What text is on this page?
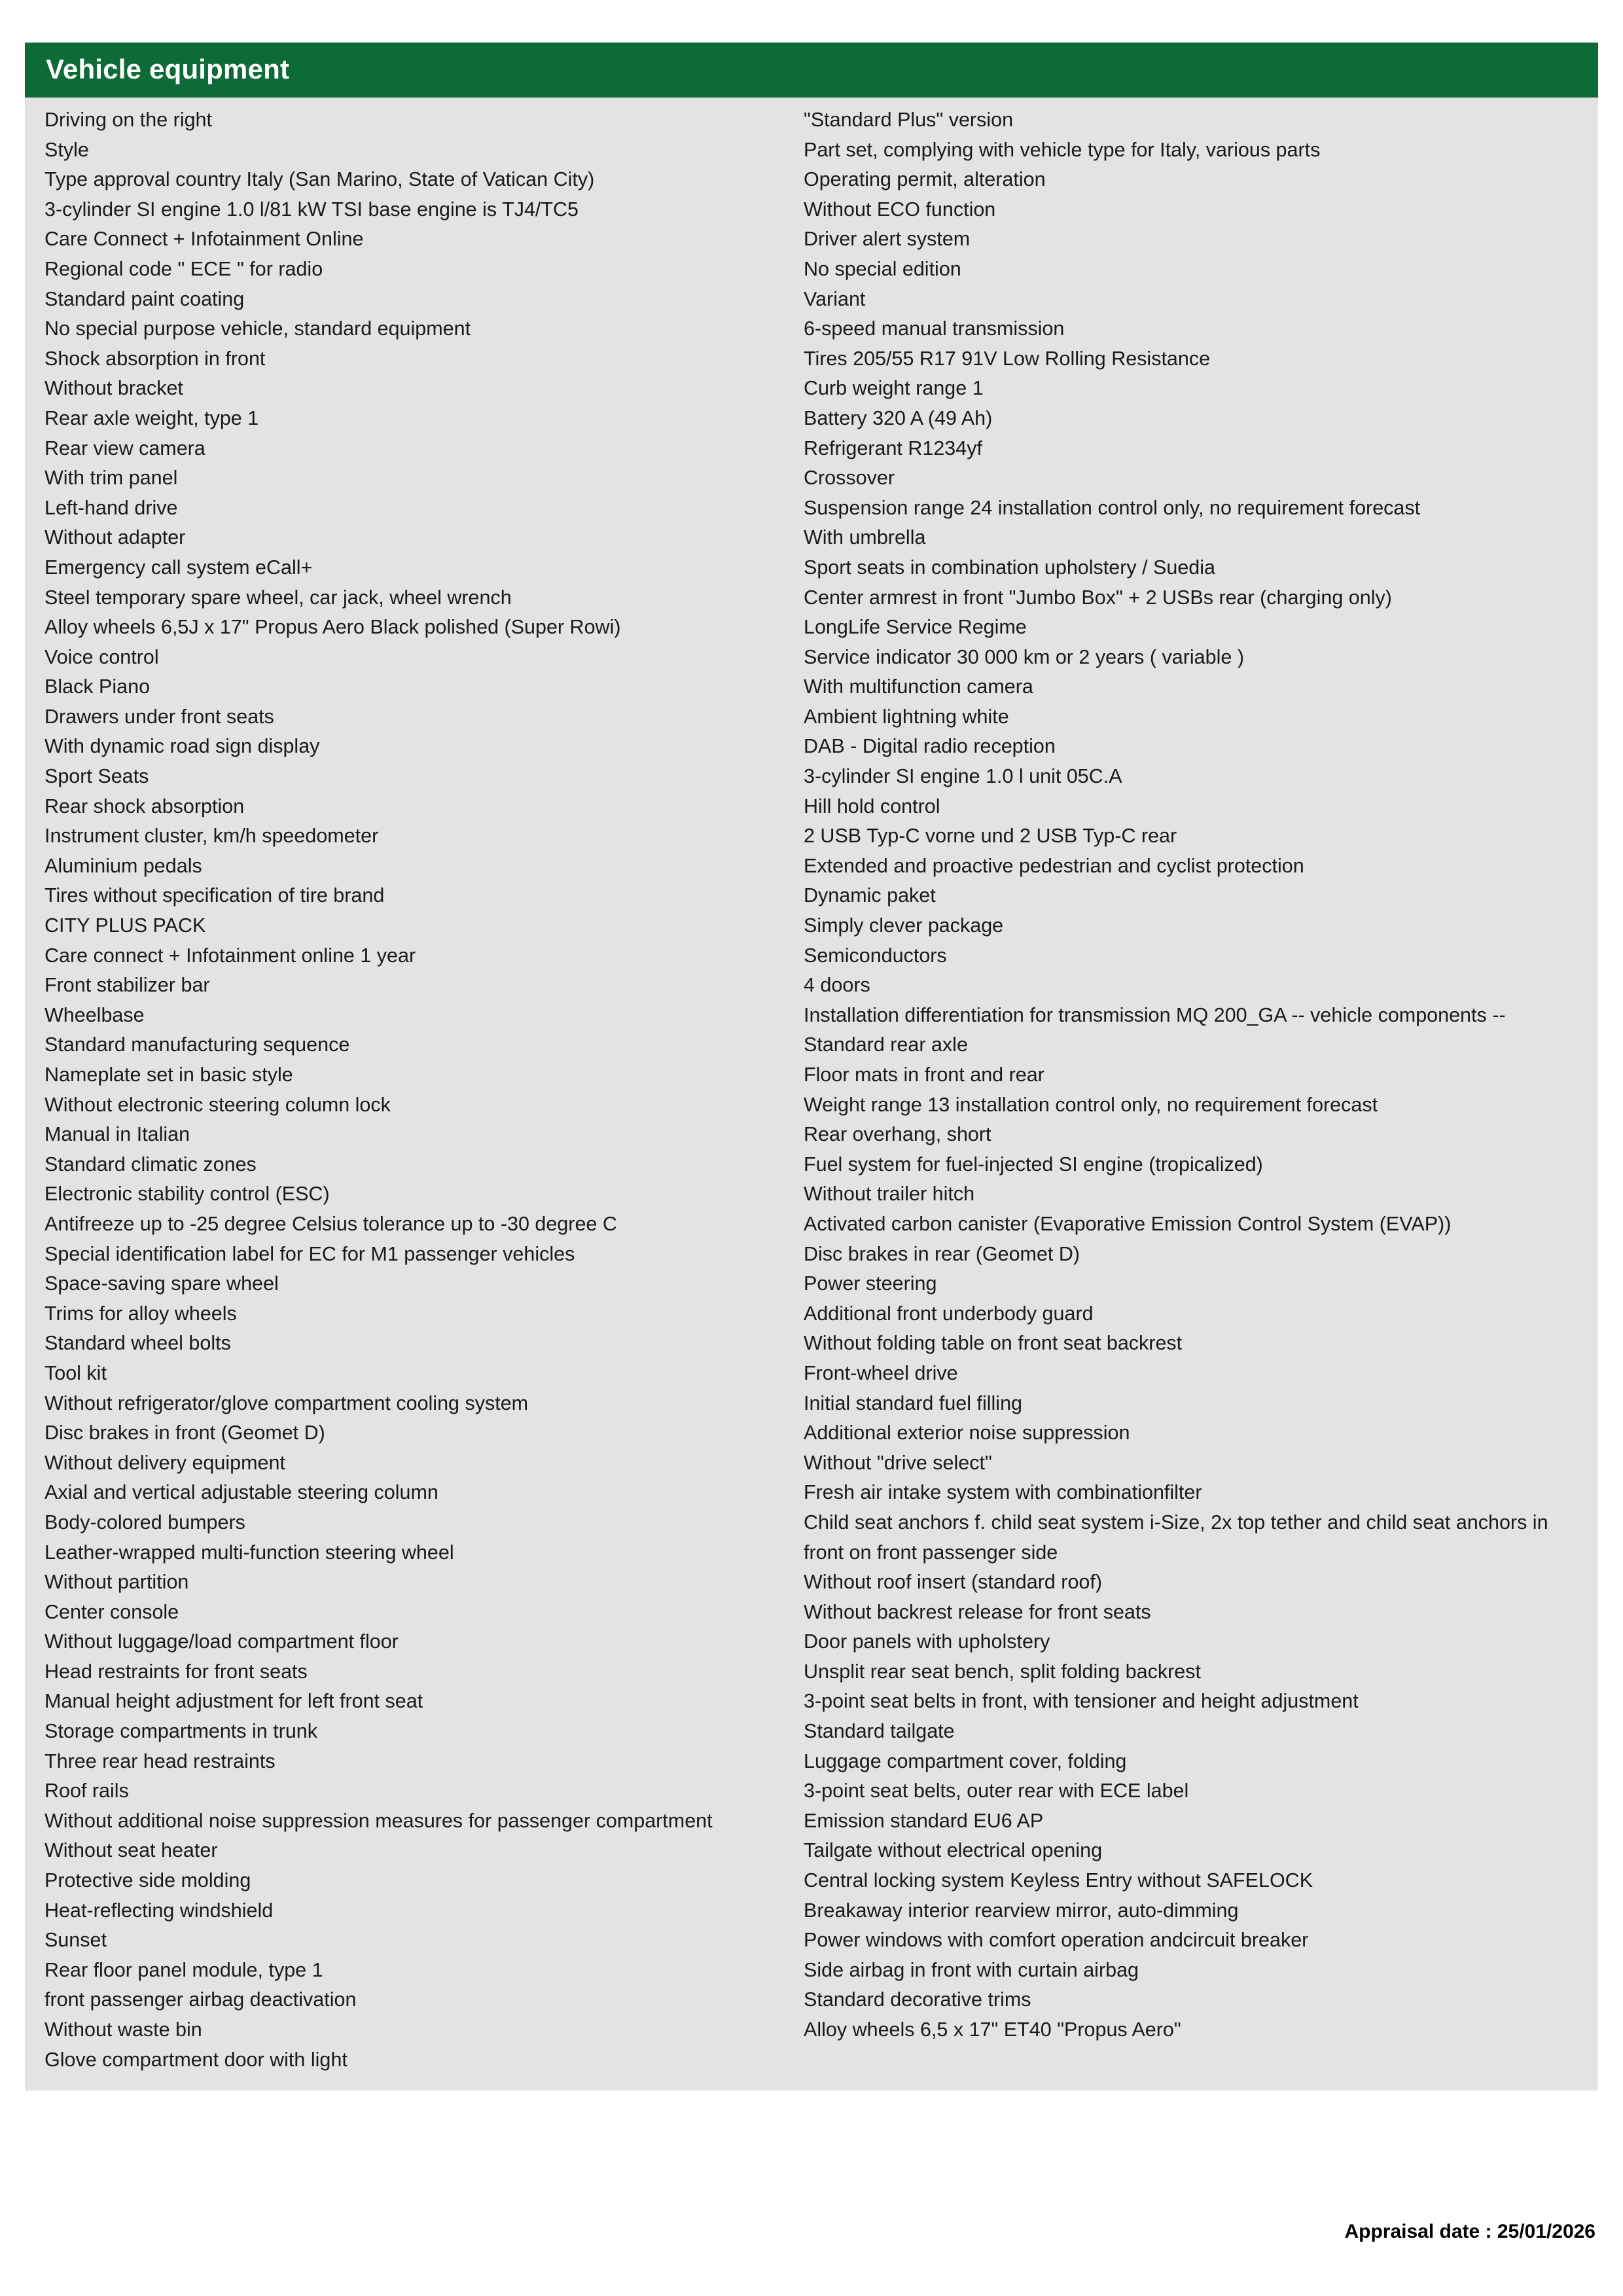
Vehicle equipment
Driving on the right
Style
Type approval country Italy (San Marino, State of Vatican City)
3-cylinder SI engine 1.0 l/81 kW TSI base engine is TJ4/TC5
Care Connect + Infotainment Online
Regional code " ECE " for radio
Standard paint coating
No special purpose vehicle, standard equipment
Shock absorption in front
Without bracket
Rear axle weight, type 1
Rear view camera
With trim panel
Left-hand drive
Without adapter
Emergency call system eCall+
Steel temporary spare wheel, car jack, wheel wrench
Alloy wheels 6,5J x 17" Propus Aero Black polished (Super Rowi)
Voice control
Black Piano
Drawers under front seats
With dynamic road sign display
Sport Seats
Rear shock absorption
Instrument cluster, km/h speedometer
Aluminium pedals
Tires without specification of tire brand
CITY PLUS PACK
Care connect + Infotainment online 1 year
Front stabilizer bar
Wheelbase
Standard manufacturing sequence
Nameplate set in basic style
Without electronic steering column lock
Manual in Italian
Standard climatic zones
Electronic stability control (ESC)
Antifreeze up to -25 degree Celsius tolerance up to -30 degree C
Special identification label for EC for M1 passenger vehicles
Space-saving spare wheel
Trims for alloy wheels
Standard wheel bolts
Tool kit
Without refrigerator/glove compartment cooling system
Disc brakes in front (Geomet D)
Without delivery equipment
Axial and vertical adjustable steering column
Body-colored bumpers
Leather-wrapped multi-function steering wheel
Without partition
Center console
Without luggage/load compartment floor
Head restraints for front seats
Manual height adjustment for left front seat
Storage compartments in trunk
Three rear head restraints
Roof rails
Without additional noise suppression measures for passenger compartment
Without seat heater
Protective side molding
Heat-reflecting windshield
Sunset
Rear floor panel module, type 1
front passenger airbag deactivation
Without waste bin
Glove compartment door with light
"Standard Plus" version
Part set, complying with vehicle type for Italy, various parts
Operating permit, alteration
Without ECO function
Driver alert system
No special edition
Variant
6-speed manual transmission
Tires 205/55 R17 91V Low Rolling Resistance
Curb weight range 1
Battery 320 A (49 Ah)
Refrigerant R1234yf
Crossover
Suspension range 24 installation control only, no requirement forecast
With umbrella
Sport seats in combination upholstery / Suedia
Center armrest in front "Jumbo Box" + 2 USBs rear (charging only)
LongLife Service Regime
Service indicator 30 000 km or 2 years ( variable )
With multifunction camera
Ambient lightning white
DAB - Digital radio reception
3-cylinder SI engine 1.0 l unit 05C.A
Hill hold control
2 USB Typ-C vorne und 2 USB Typ-C rear
Extended and proactive pedestrian and cyclist protection
Dynamic paket
Simply clever package
Semiconductors
4 doors
Installation differentiation for transmission MQ 200_GA -- vehicle components --
Standard rear axle
Floor mats in front and rear
Weight range 13 installation control only, no requirement forecast
Rear overhang, short
Fuel system for fuel-injected SI engine (tropicalized)
Without trailer hitch
Activated carbon canister (Evaporative Emission Control System (EVAP))
Disc brakes in rear (Geomet D)
Power steering
Additional front underbody guard
Without folding table on front seat backrest
Front-wheel drive
Initial standard fuel filling
Additional exterior noise suppression
Without "drive select"
Fresh air intake system with combinationfilter
Child seat anchors f. child seat system i-Size, 2x top tether and child seat anchors in front on front passenger side
Without roof insert (standard roof)
Without backrest release for front seats
Door panels with upholstery
Unsplit rear seat bench, split folding backrest
3-point seat belts in front, with tensioner and height adjustment
Standard tailgate
Luggage compartment cover, folding
3-point seat belts, outer rear with ECE label
Emission standard EU6 AP
Tailgate without electrical opening
Central locking system Keyless Entry without SAFELOCK
Breakaway interior rearview mirror, auto-dimming
Power windows with comfort operation andcircuit breaker
Side airbag in front with curtain airbag
Standard decorative trims
Alloy wheels 6,5 x 17" ET40 "Propus Aero"
Appraisal date : 25/01/2026
